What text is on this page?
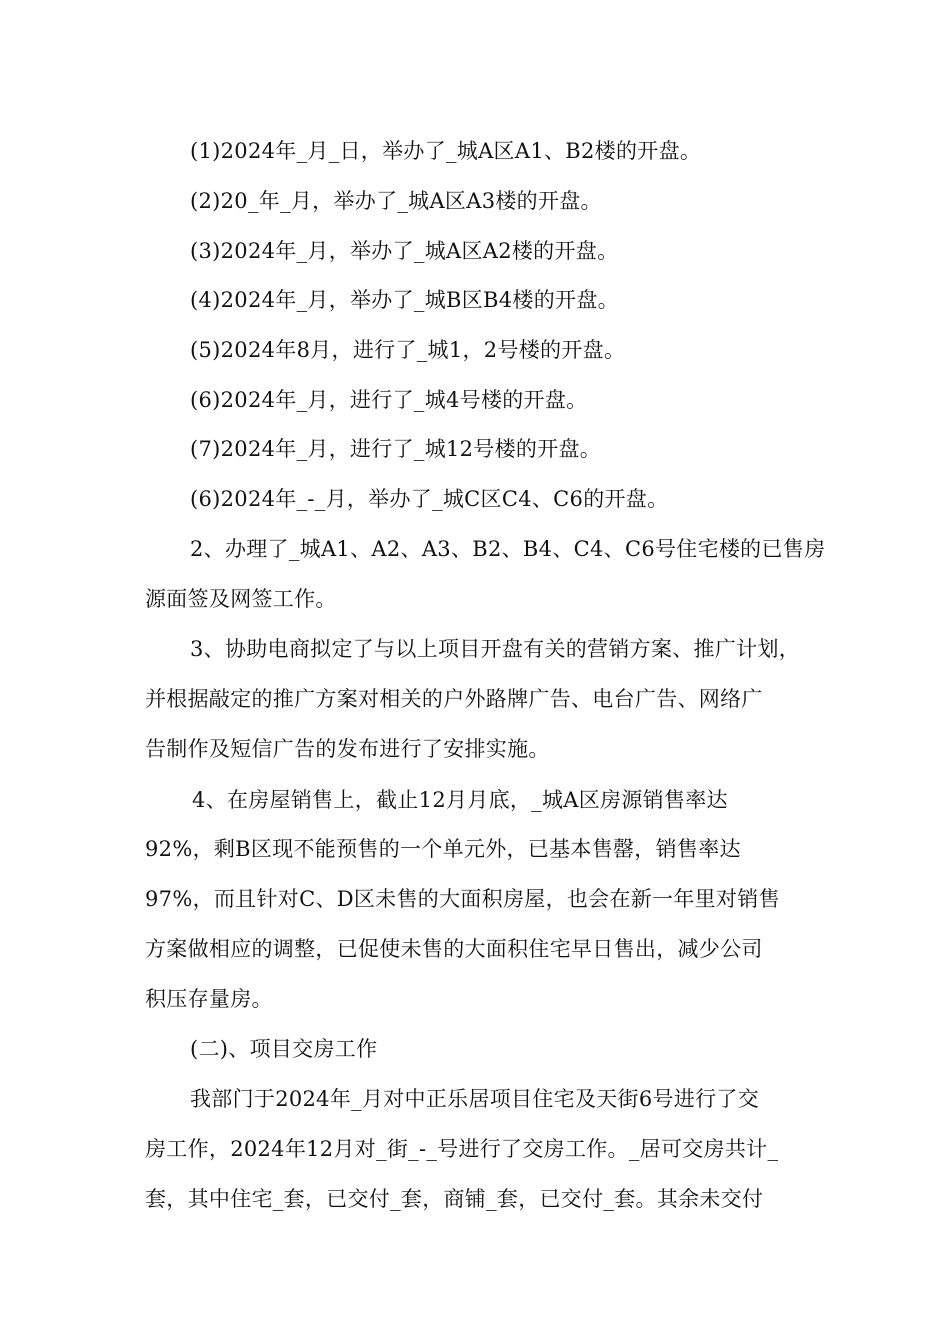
(1)2024年_月_日，举办了_城A区A1、B2楼的开盘。
(2)20_年_月，举办了_城A区A3楼的开盘。
(3)2024年_月，举办了_城A区A2楼的开盘。
(4)2024年_月，举办了_城B区B4楼的开盘。
(5)2024年8月，进行了_城1，2号楼的开盘。
(6)2024年_月，进行了_城4号楼的开盘。
(7)2024年_月，进行了_城12号楼的开盘。
(6)2024年_-_月，举办了_城C区C4、C6的开盘。
2、办理了_城A1、A2、A3、B2、B4、C4、C6号住宅楼的已售房
源面签及网签工作。
3、协助电商拟定了与以上项目开盘有关的营销方案、推广计划，
并根据敲定的推广方案对相关的户外路牌广告、电台广告、网络广
告制作及短信广告的发布进行了安排实施。
4、在房屋销售上，截止12月月底，_城A区房源销售率达
92%，剩B区现不能预售的一个单元外，已基本售罄，销售率达
97%，而且针对C、D区未售的大面积房屋，也会在新一年里对销售
方案做相应的调整，已促使未售的大面积住宅早日售出，减少公司
积压存量房。
(二)、项目交房工作
我部门于2024年_月对中正乐居项目住宅及天街6号进行了交
房工作，2024年12月对_街_-_号进行了交房工作。_居可交房共计_
套，其中住宅_套，已交付_套，商铺_套，已交付_套。其余未交付
